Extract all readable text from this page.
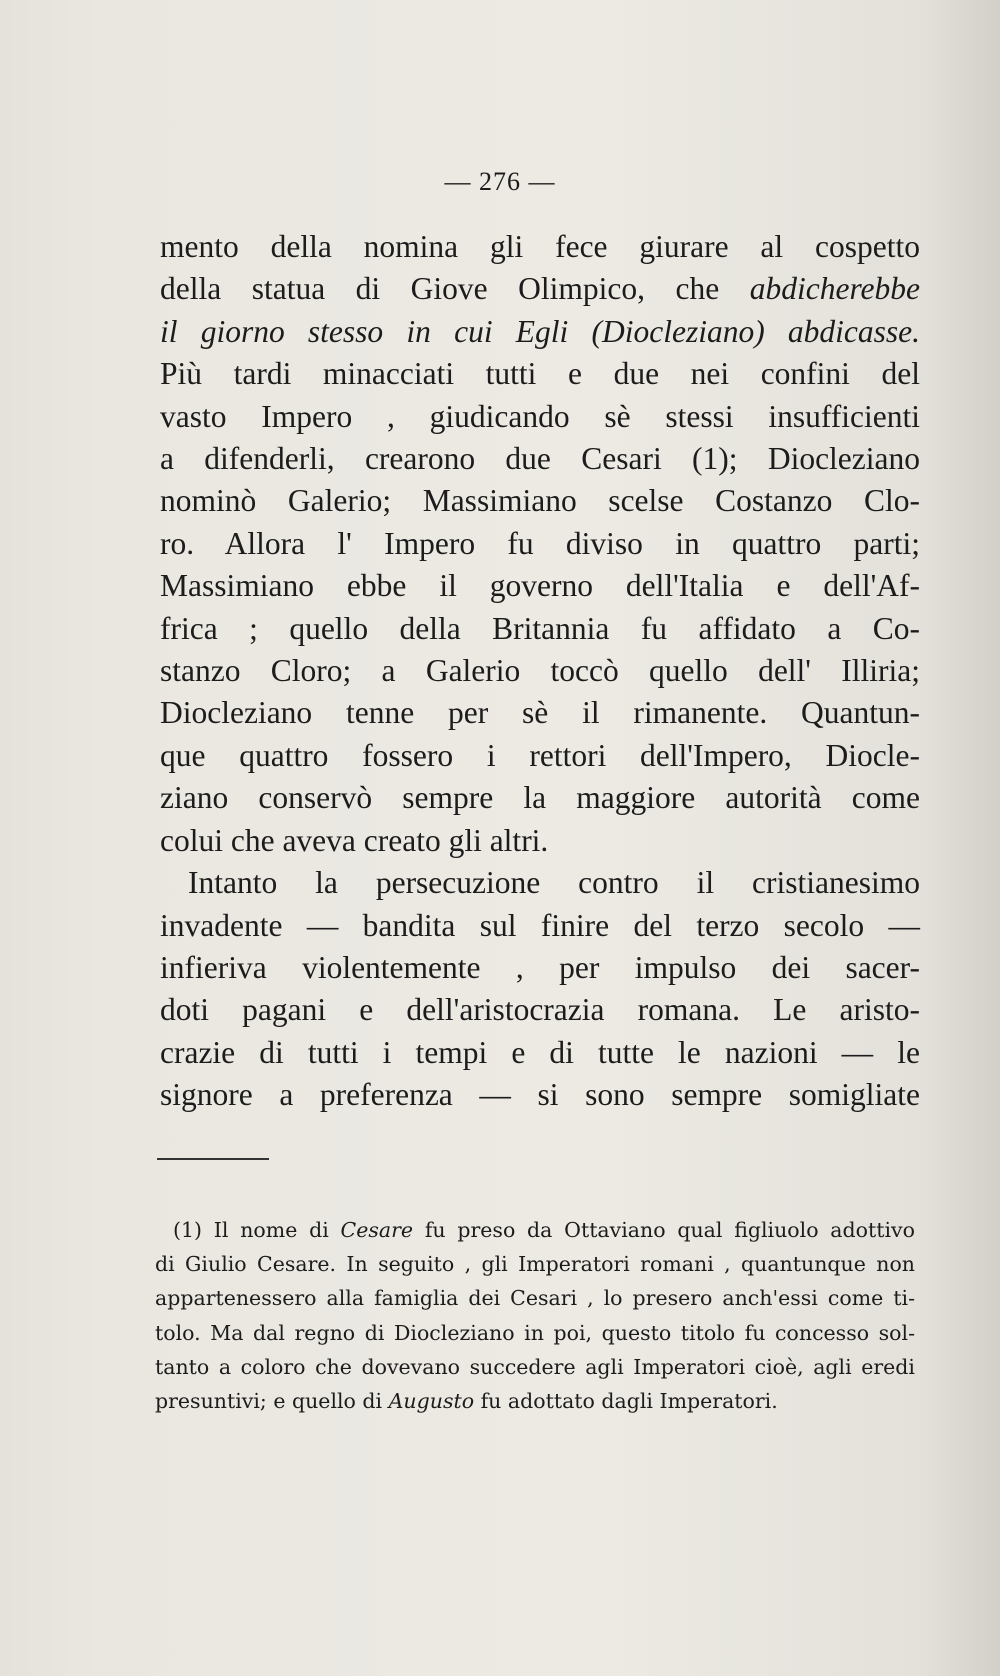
— 276 —
mento della nomina gli fece giurare al cospetto
della statua di Giove Olimpico, che abdicherebbe
il giorno stesso in cui Egli (Diocleziano) abdicasse.
Più tardi minacciati tutti e due nei confini del
vasto Impero , giudicando sè stessi insufficienti
a difenderli, crearono due Cesari (1); Diocleziano
nominò Galerio; Massimiano scelse Costanzo Clo-
ro. Allora l' Impero fu diviso in quattro parti;
Massimiano ebbe il governo dell'Italia e dell'Af-
frica ; quello della Britannia fu affidato a Co-
stanzo Cloro; a Galerio toccò quello dell' Illiria;
Diocleziano tenne per sè il rimanente. Quantun-
que quattro fossero i rettori dell'Impero, Diocle-
ziano conservò sempre la maggiore autorità come
colui che aveva creato gli altri.
Intanto la persecuzione contro il cristianesimo
invadente — bandita sul finire del terzo secolo —
infieriva violentemente , per impulso dei sacer-
doti pagani e dell'aristocrazia romana. Le aristo-
crazie di tutti i tempi e di tutte le nazioni — le
signore a preferenza — si sono sempre somigliate
(1) Il nome di Cesare fu preso da Ottaviano qual figliuolo adottivo
di Giulio Cesare. In seguito , gli Imperatori romani , quantunque non
appartenessero alla famiglia dei Cesari , lo presero anch'essi come ti-
tolo. Ma dal regno di Diocleziano in poi, questo titolo fu concesso sol-
tanto a coloro che dovevano succedere agli Imperatori cioè, agli eredi
presuntivi; e quello di Augusto fu adottato dagli Imperatori.
